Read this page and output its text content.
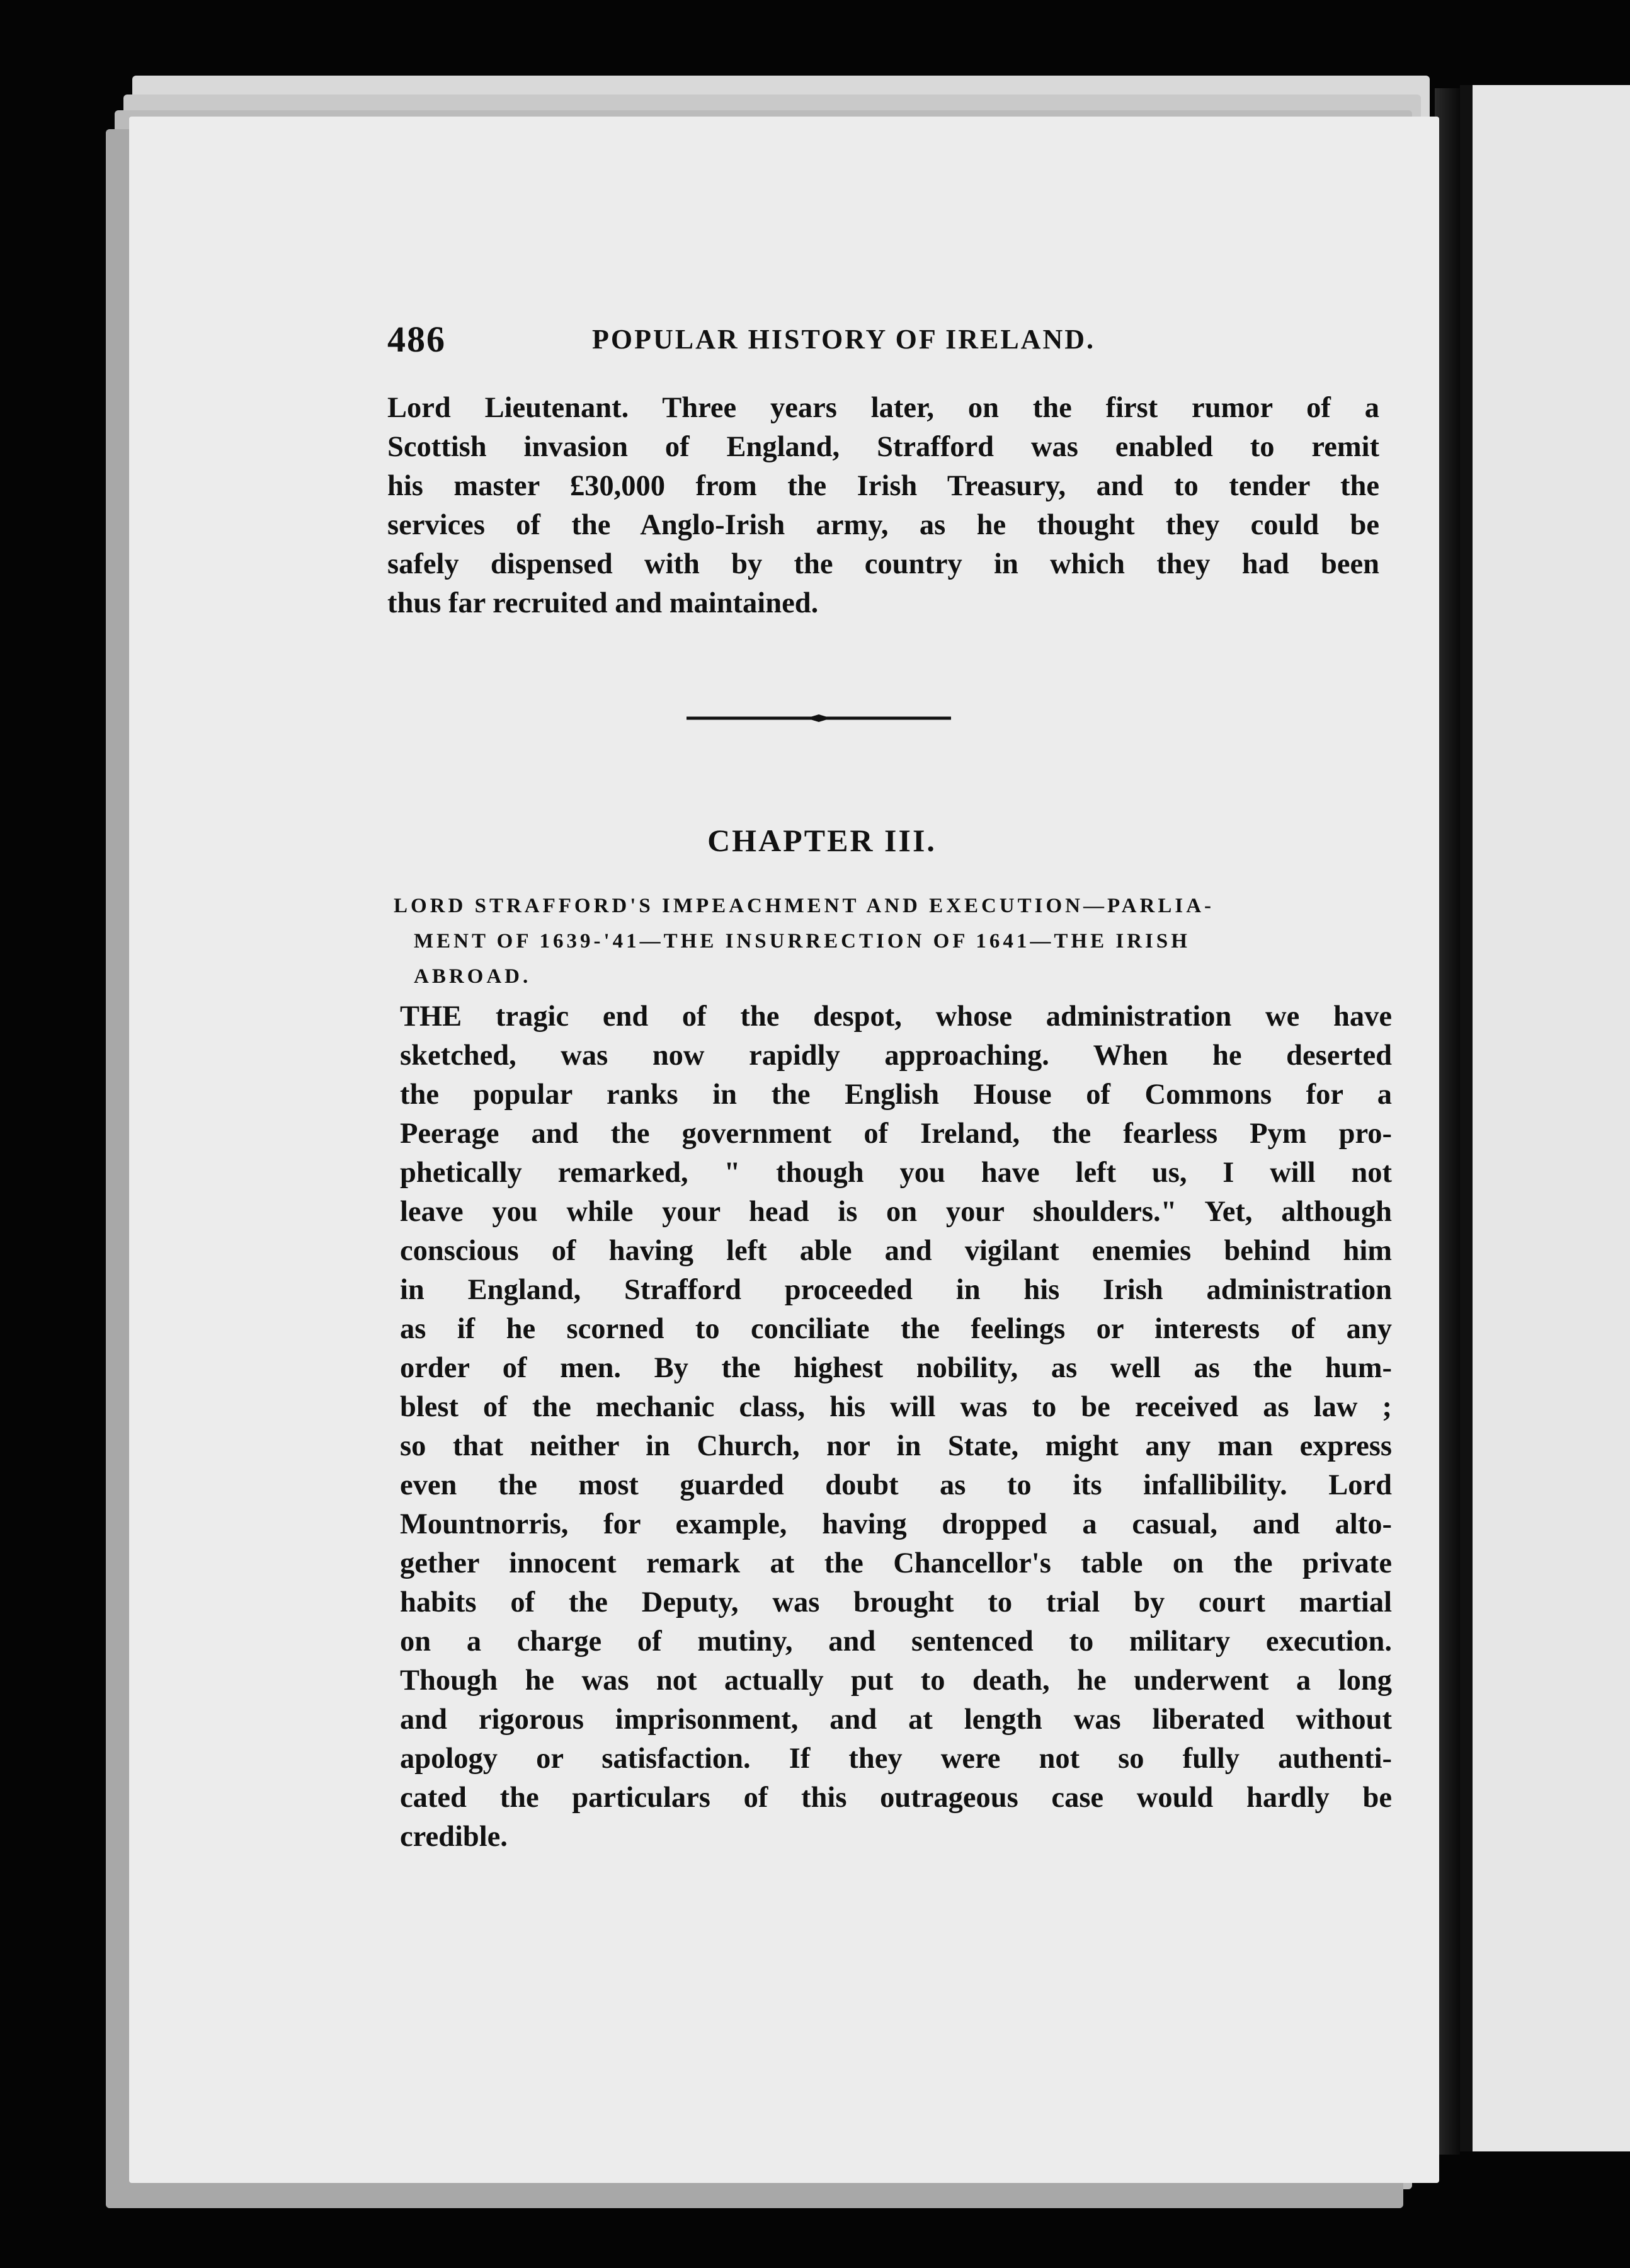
486	POPULAR HISTORY OF IRELAND.
Lord Lieutenant. Three years later, on the first rumor of a
Scottish invasion of England, Strafford was enabled to remit
his master £30,000 from the Irish Treasury, and to tender the
services of the Anglo-Irish army, as he thought they could be
safely dispensed with by the country in which they had been
thus far recruited and maintained.
CHAPTER III.
LORD STRAFFORD'S IMPEACHMENT AND EXECUTION—PARLIA-
MENT OF 1639-'41—THE INSURRECTION OF 1641—THE IRISH
ABROAD.
THE tragic end of the despot, whose administration we have
sketched, was now rapidly approaching. When he deserted
the popular ranks in the English House of Commons for a
Peerage and the government of Ireland, the fearless Pym pro-
phetically remarked, " though you have left us, I will not
leave you while your head is on your shoulders." Yet, although
conscious of having left able and vigilant enemies behind him
in England, Strafford proceeded in his Irish administration
as if he scorned to conciliate the feelings or interests of any
order of men. By the highest nobility, as well as the hum-
blest of the mechanic class, his will was to be received as law ;
so that neither in Church, nor in State, might any man express
even the most guarded doubt as to its infallibility. Lord
Mountnorris, for example, having dropped a casual, and alto-
gether innocent remark at the Chancellor's table on the private
habits of the Deputy, was brought to trial by court martial
on a charge of mutiny, and sentenced to military execution.
Though he was not actually put to death, he underwent a long
and rigorous imprisonment, and at length was liberated without
apology or satisfaction. If they were not so fully authenti-
cated the particulars of this outrageous case would hardly be
credible.
